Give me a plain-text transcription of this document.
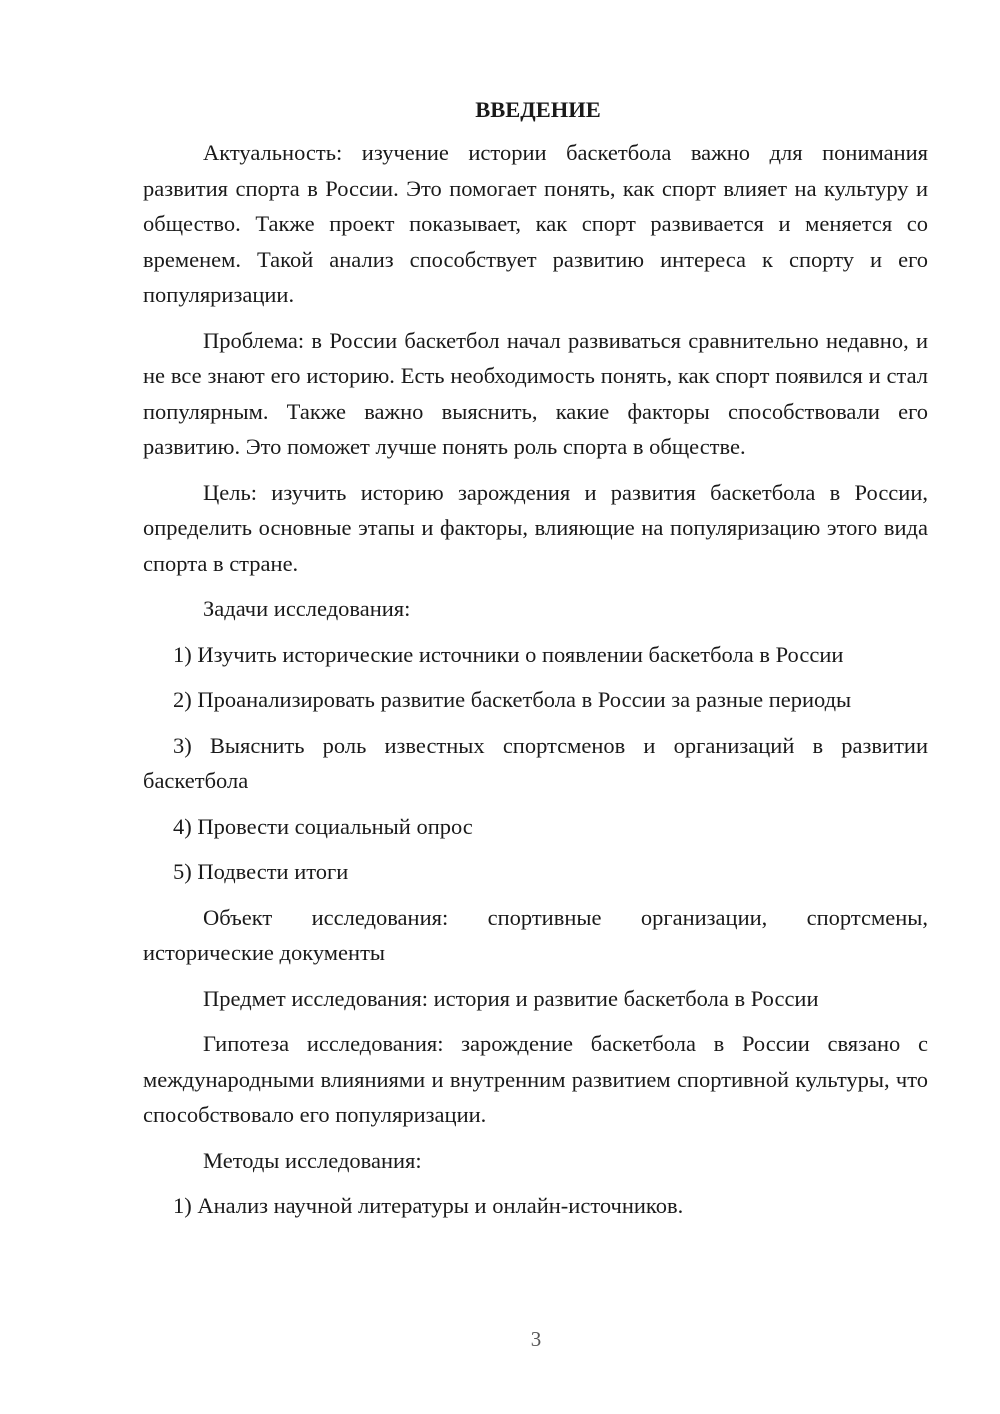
ВВЕДЕНИЕ

Актуальность: изучение истории баскетбола важно для понимания развития спорта в России. Это помогает понять, как спорт влияет на культуру и общество. Также проект показывает, как спорт развивается и меняется со временем. Такой анализ способствует развитию интереса к спорту и его популяризации.

Проблема: в России баскетбол начал развиваться сравнительно недавно, и не все знают его историю. Есть необходимость понять, как спорт появился и стал популярным. Также важно выяснить, какие факторы способствовали его развитию. Это поможет лучше понять роль спорта в обществе.

Цель: изучить историю зарождения и развития баскетбола в России, определить основные этапы и факторы, влияющие на популяризацию этого вида спорта в стране.

Задачи исследования:

1) Изучить исторические источники о появлении баскетбола в России

2) Проанализировать развитие баскетбола в России за разные периоды

3) Выяснить роль известных спортсменов и организаций в развитии баскетбола

4) Провести социальный опрос

5) Подвести итоги

Объект исследования: спортивные организации, спортсмены, исторические документы

Предмет исследования: история и развитие баскетбола в России

Гипотеза исследования: зарождение баскетбола в России связано с международными влияниями и внутренним развитием спортивной культуры, что способствовало его популяризации.

Методы исследования:

1) Анализ научной литературы и онлайн-источников.

3
